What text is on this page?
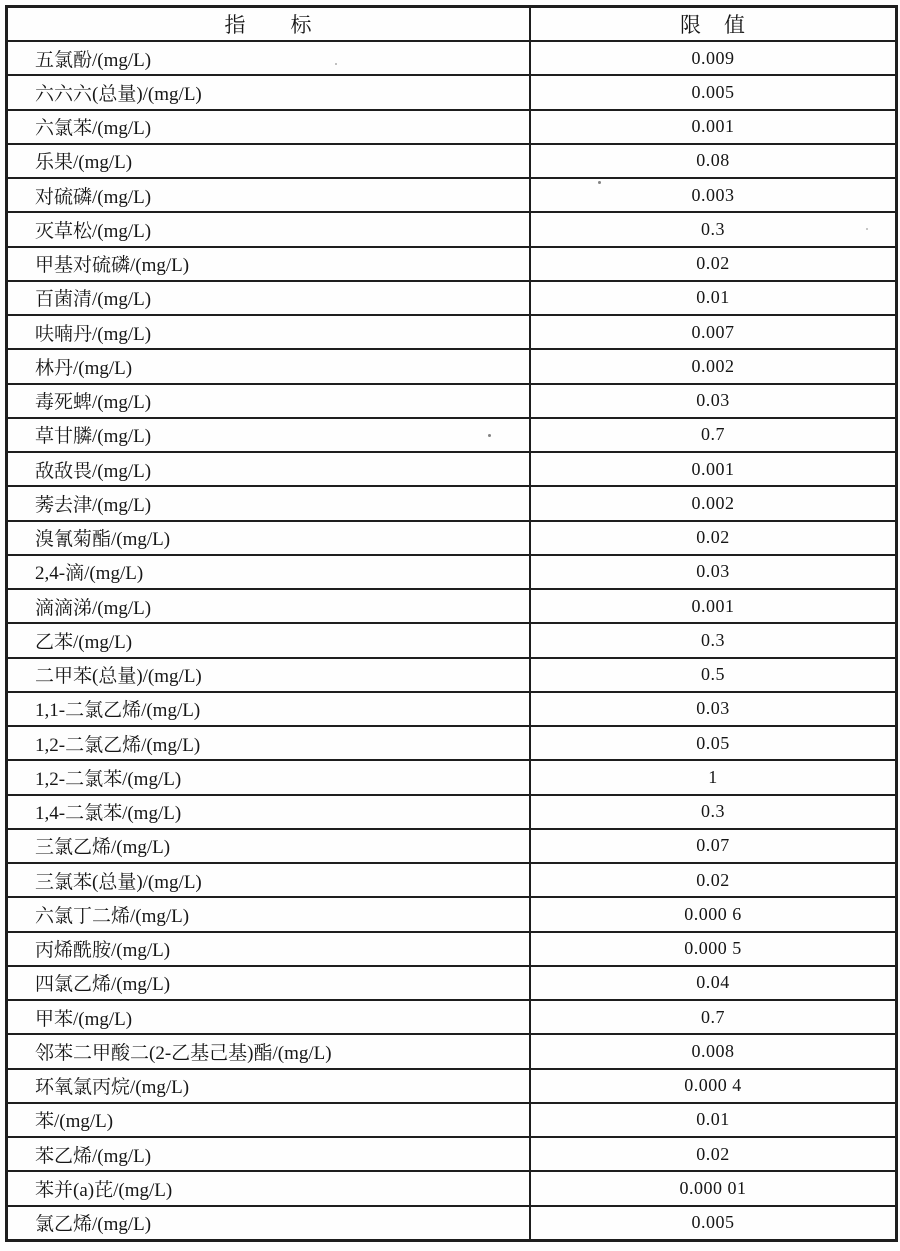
指　　标	限　值
五氯酚/(mg/L)	0.009
六六六(总量)/(mg/L)	0.005
六氯苯/(mg/L)	0.001
乐果/(mg/L)	0.08
对硫磷/(mg/L)	0.003
灭草松/(mg/L)	0.3
甲基对硫磷/(mg/L)	0.02
百菌清/(mg/L)	0.01
呋喃丹/(mg/L)	0.007
林丹/(mg/L)	0.002
毒死蜱/(mg/L)	0.03
草甘膦/(mg/L)	0.7
敌敌畏/(mg/L)	0.001
莠去津/(mg/L)	0.002
溴氰菊酯/(mg/L)	0.02
2,4-滴/(mg/L)	0.03
滴滴涕/(mg/L)	0.001
乙苯/(mg/L)	0.3
二甲苯(总量)/(mg/L)	0.5
1,1-二氯乙烯/(mg/L)	0.03
1,2-二氯乙烯/(mg/L)	0.05
1,2-二氯苯/(mg/L)	1
1,4-二氯苯/(mg/L)	0.3
三氯乙烯/(mg/L)	0.07
三氯苯(总量)/(mg/L)	0.02
六氯丁二烯/(mg/L)	0.000 6
丙烯酰胺/(mg/L)	0.000 5
四氯乙烯/(mg/L)	0.04
甲苯/(mg/L)	0.7
邻苯二甲酸二(2-乙基己基)酯/(mg/L)	0.008
环氧氯丙烷/(mg/L)	0.000 4
苯/(mg/L)	0.01
苯乙烯/(mg/L)	0.02
苯并(a)芘/(mg/L)	0.000 01
氯乙烯/(mg/L)	0.005
